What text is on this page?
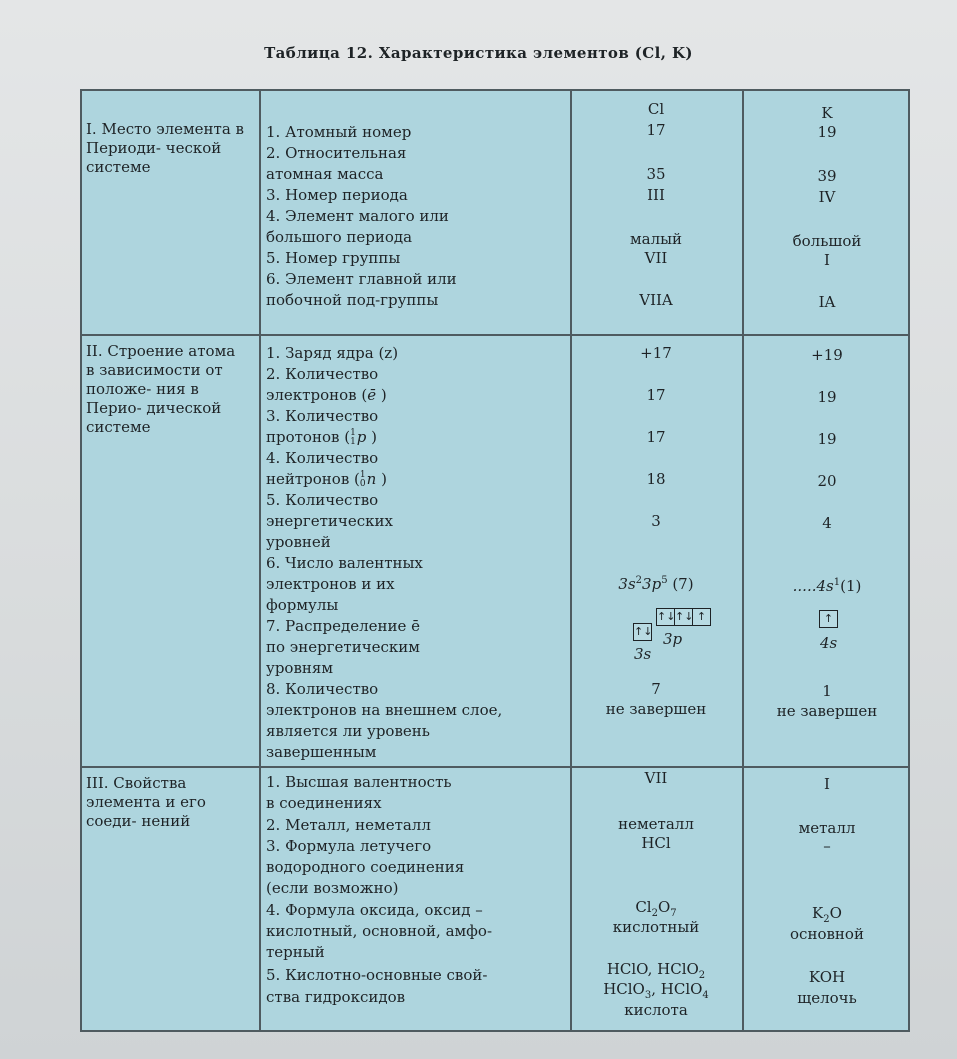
Таблица 12. Характеристика элементов (Cl, K)
Cl	K
I. Место элемента в Периоди- ческой системе
II. Строение атома в зависимости от положе- ния в Перио- дической системе
III. Свойства элемента и его соеди- нений
1. Атомный номер
2. Относительная
атомная масса
3. Номер периода
4. Элемент малого или
большого периода
5. Номер группы
6. Элемент главной или
побочной под-группы
17
35
III
малый
VII
VIIA
19
39
IV
большой
I
IA
1. Заряд ядра (z)
2. Количество
электронов (ē )
3. Количество
протонов ( 1
1 p )
4. Количество
нейтронов ( 1
0 n )
5. Количество
энергетических
уровней
6. Число валентных
электронов и их
формулы
7. Распределение ē
по энергетическим
уровням
8. Количество
электронов на внешнем слое,
является ли уровень
завершенным
+17
17
17
18
3
$3s^23p^5$ (7)
↑↓
↑↓ ↑↓ ↑
3p
3s
7
не завершен
+19
19
19
20
4
$.....4s^1(1)$
↑
4s
1
не завершен
1. Высшая валентность
в соединениях
2. Металл, неметалл
3. Формула летучего
водородного соединения
(если возможно)
4. Формула оксида, оксид –
кислотный, основной, амфо-
терный
5. Кислотно-основные свой-
ства гидроксидов
VII
неметалл
HCl
$Cl_2O_7$
кислотный
HClO, HClO$_2$
HClO$_3$, HClO$_4$
кислота
I
металл
–
$K_2O$
основной
KOH
щелочь
